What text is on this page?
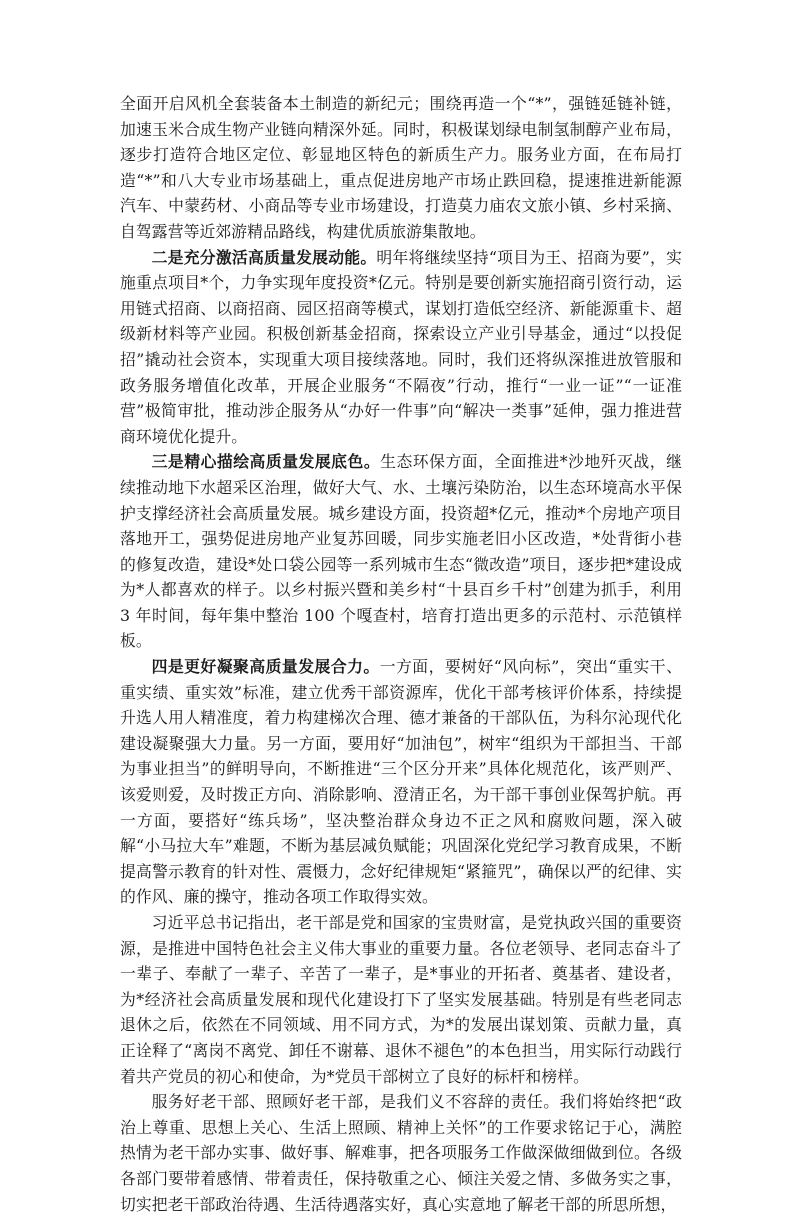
全面开启风机全套装备本土制造的新纪元；围绕再造一个“*”，强链延链补链，加速玉米合成生物产业链向精深外延。同时，积极谋划绿电制氢制醇产业布局，逐步打造符合地区定位、彰显地区特色的新质生产力。服务业方面，在布局打造“*”和八大专业市场基础上，重点促进房地产市场止跌回稳，提速推进新能源汽车、中蒙药材、小商品等专业市场建设，打造莫力庙农文旅小镇、乡村采摘、自驾露营等近郊游精品路线，构建优质旅游集散地。

二是充分激活高质量发展动能。明年将继续坚持“项目为王、招商为要”，实施重点项目*个，力争实现年度投资*亿元。特别是要创新实施招商引资行动，运用链式招商、以商招商、园区招商等模式，谋划打造低空经济、新能源重卡、超级新材料等产业园。积极创新基金招商，探索设立产业引导基金，通过“以投促招”撬动社会资本，实现重大项目接续落地。同时，我们还将纵深推进放管服和政务服务增值化改革，开展企业服务“不隔夜”行动，推行“一业一证”“一证准营”极简审批，推动涉企服务从“办好一件事”向“解决一类事”延伸，强力推进营商环境优化提升。

三是精心描绘高质量发展底色。生态环保方面，全面推进*沙地歼灭战，继续推动地下水超采区治理，做好大气、水、土壤污染防治，以生态环境高水平保护支撑经济社会高质量发展。城乡建设方面，投资超*亿元，推动*个房地产项目落地开工，强势促进房地产业复苏回暖，同步实施老旧小区改造，*处背街小巷的修复改造，建设*处口袋公园等一系列城市生态“微改造”项目，逐步把*建设成为*人都喜欢的样子。以乡村振兴暨和美乡村“十县百乡千村”创建为抓手，利用 3 年时间，每年集中整治 100 个嘎查村，培育打造出更多的示范村、示范镇样板。

四是更好凝聚高质量发展合力。一方面，要树好“风向标”，突出“重实干、重实绩、重实效”标准，建立优秀干部资源库，优化干部考核评价体系，持续提升选人用人精准度，着力构建梯次合理、德才兼备的干部队伍，为科尔沁现代化建设凝聚强大力量。另一方面，要用好“加油包”，树牢“组织为干部担当、干部为事业担当”的鲜明导向，不断推进“三个区分开来”具体化规范化，该严则严、该爱则爱，及时拨正方向、消除影响、澄清正名，为干部干事创业保驾护航。再一方面，要搭好“练兵场”，坚决整治群众身边不正之风和腐败问题，深入破解“小马拉大车”难题，不断为基层减负赋能；巩固深化党纪学习教育成果，不断提高警示教育的针对性、震慑力，念好纪律规矩“紧箍咒”，确保以严的纪律、实的作风、廉的操守，推动各项工作取得实效。

习近平总书记指出，老干部是党和国家的宝贵财富，是党执政兴国的重要资源，是推进中国特色社会主义伟大事业的重要力量。各位老领导、老同志奋斗了一辈子、奉献了一辈子、辛苦了一辈子，是*事业的开拓者、奠基者、建设者，为*经济社会高质量发展和现代化建设打下了坚实发展基础。特别是有些老同志退休之后，依然在不同领域、用不同方式，为*的发展出谋划策、贡献力量，真正诠释了“离岗不离党、卸任不谢幕、退休不褪色”的本色担当，用实际行动践行着共产党员的初心和使命，为*党员干部树立了良好的标杆和榜样。

服务好老干部、照顾好老干部，是我们义不容辞的责任。我们将始终把“政治上尊重、思想上关心、生活上照顾、精神上关怀”的工作要求铭记于心，满腔热情为老干部办实事、做好事、解难事，把各项服务工作做深做细做到位。各级各部门要带着感情、带着责任，保持敬重之心、倾注关爱之情、多做务实之事，切实把老干部政治待遇、生活待遇落实好，真心实意地了解老干部的所思所想，
